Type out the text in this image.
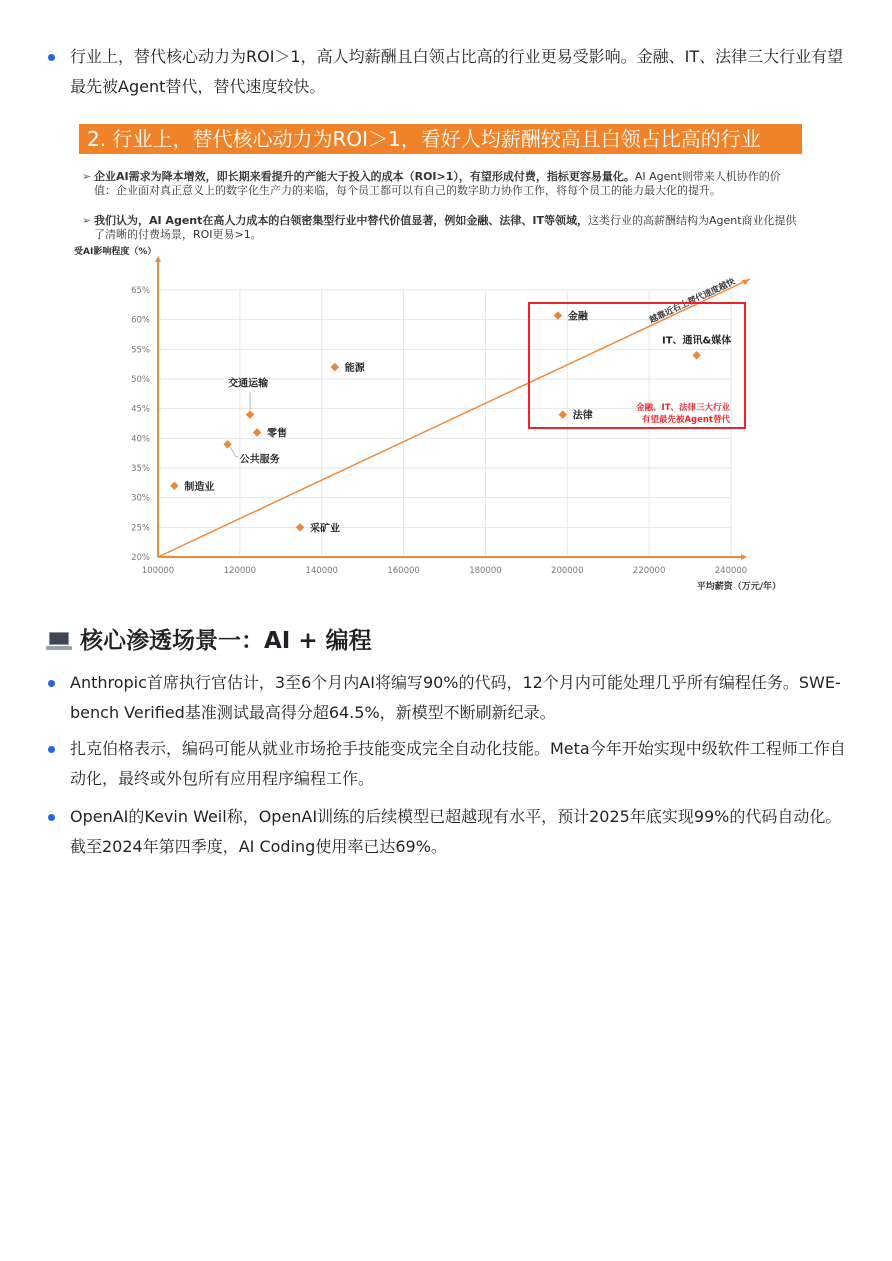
行业上，替代核心动力为ROI＞1，高人均薪酬且白领占比高的行业更易受影响。金融、IT、法律三大行业有望最先被Agent替代，替代速度较快。
2. 行业上，替代核心动力为ROI＞1，看好人均薪酬较高且白领占比高的行业
➢ 企业AI需求为降本增效，即长期来看提升的产能大于投入的成本（ROI>1），有望形成付费，指标更容易量化。AI Agent则带来人机协作的价值：企业面对真正意义上的数字化生产力的来临，每个员工都可以有自己的数字助力协作工作，将每个员工的能力最大化的提升。
➢ 我们认为，AI Agent在高人力成本的白领密集型行业中替代价值显著，例如金融、法律、IT等领域，这类行业的高薪酬结构为Agent商业化提供了清晰的付费场景，ROI更易>1。
20%
25%
30%
35%
40%
45%
50%
55%
60%
65%
100000	120000	140000	160000	180000	200000	220000	240000
受AI影响程度（%）
平均薪资（万元/年）
越靠近右上替代速度越快
金融、IT、法律三大行业
有望最先被Agent替代
制造业
公共服务
交通运输
零售
采矿业
能源
金融
法律
IT、通讯&媒体
核心渗透场景一：AI + 编程
Anthropic首席执行官估计，3至6个月内AI将编写90%的代码，12个月内可能处理几乎所有编程任务。SWE-bench Verified基准测试最高得分超64.5%，新模型不断刷新纪录。
扎克伯格表示，编码可能从就业市场抢手技能变成完全自动化技能。Meta今年开始实现中级软件工程师工作自动化，最终或外包所有应用程序编程工作。
OpenAI的Kevin Weil称，OpenAI训练的后续模型已超越现有水平，预计2025年底实现99%的代码自动化。截至2024年第四季度，AI Coding使用率已达69%。
